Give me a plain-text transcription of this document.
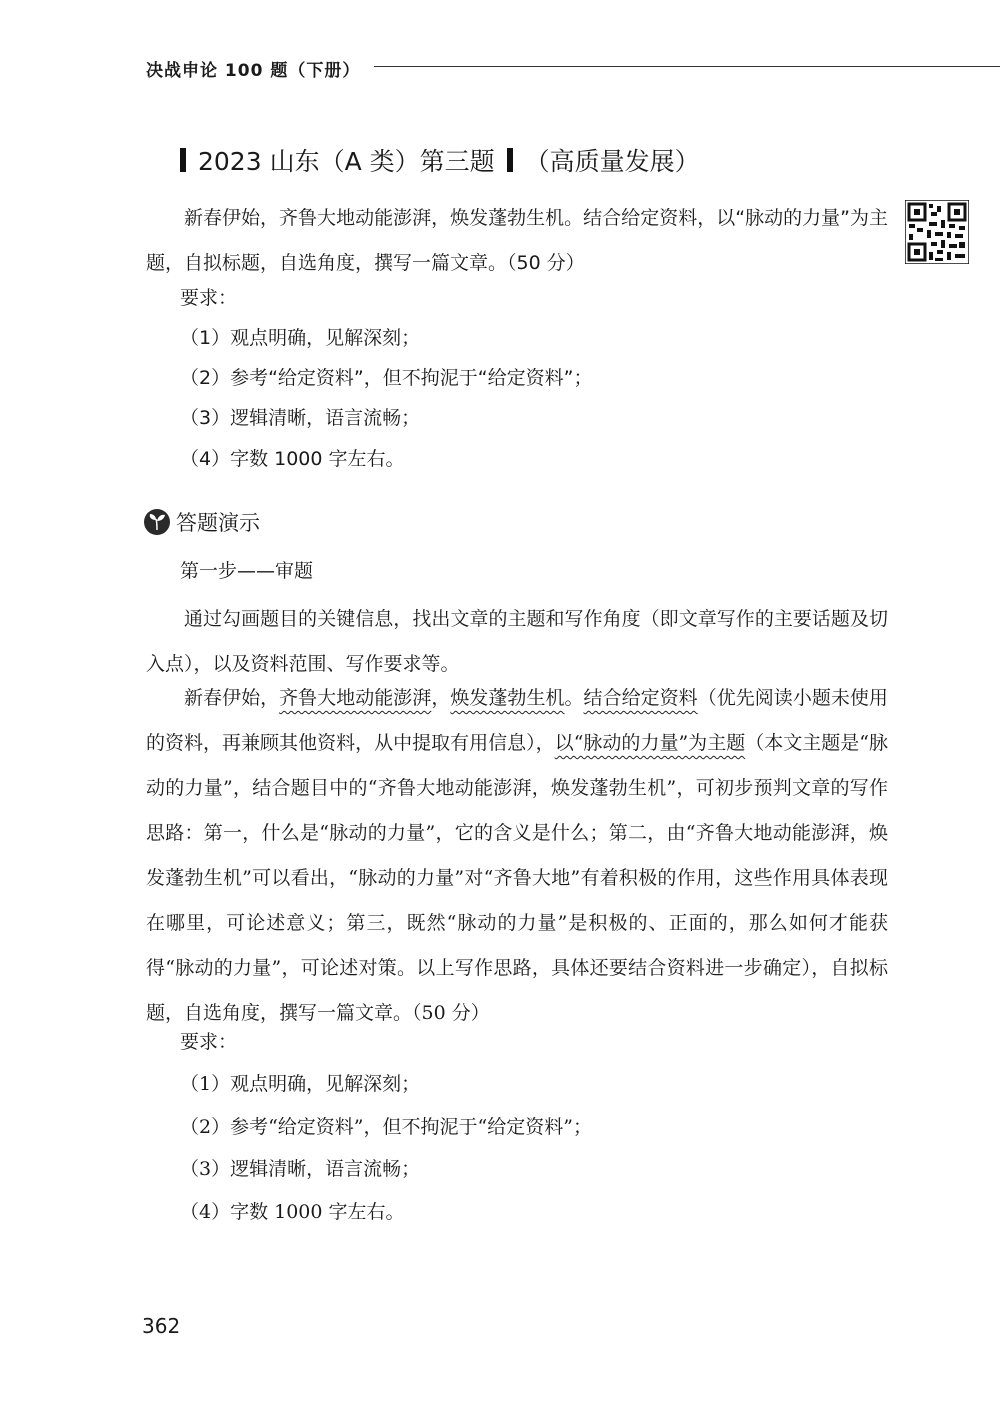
决战申论 100 题（下册）
2023 山东（A 类）第三题 （高质量发展）

新春伊始，齐鲁大地动能澎湃，焕发蓬勃生机。结合给定资料，以“脉动的力量”为主题，自拟标题，自选角度，撰写一篇文章。（50 分）

要求：
（1）观点明确，见解深刻；
（2）参考“给定资料”，但不拘泥于“给定资料”；
（3）逻辑清晰，语言流畅；
（4）字数 1000 字左右。
答题演示
第一步——审题

通过勾画题目的关键信息，找出文章的主题和写作角度（即文章写作的主要话题及切入点），以及资料范围、写作要求等。

新春伊始，齐鲁大地动能澎湃，焕发蓬勃生机。结合给定资料（优先阅读小题未使用的资料，再兼顾其他资料，从中提取有用信息），以“脉动的力量”为主题（本文主题是“脉动的力量”，结合题目中的“齐鲁大地动能澎湃，焕发蓬勃生机”，可初步预判文章的写作思路：第一，什么是“脉动的力量”，它的含义是什么；第二，由“齐鲁大地动能澎湃，焕发蓬勃生机”可以看出，“脉动的力量”对“齐鲁大地”有着积极的作用，这些作用具体表现在哪里，可论述意义；第三，既然“脉动的力量”是积极的、正面的，那么如何才能获得“脉动的力量”，可论述对策。以上写作思路，具体还要结合资料进一步确定），自拟标题，自选角度，撰写一篇文章。（50 分）

要求：
（1）观点明确，见解深刻；
（2）参考“给定资料”，但不拘泥于“给定资料”；
（3）逻辑清晰，语言流畅；
（4）字数 1000 字左右。
362
